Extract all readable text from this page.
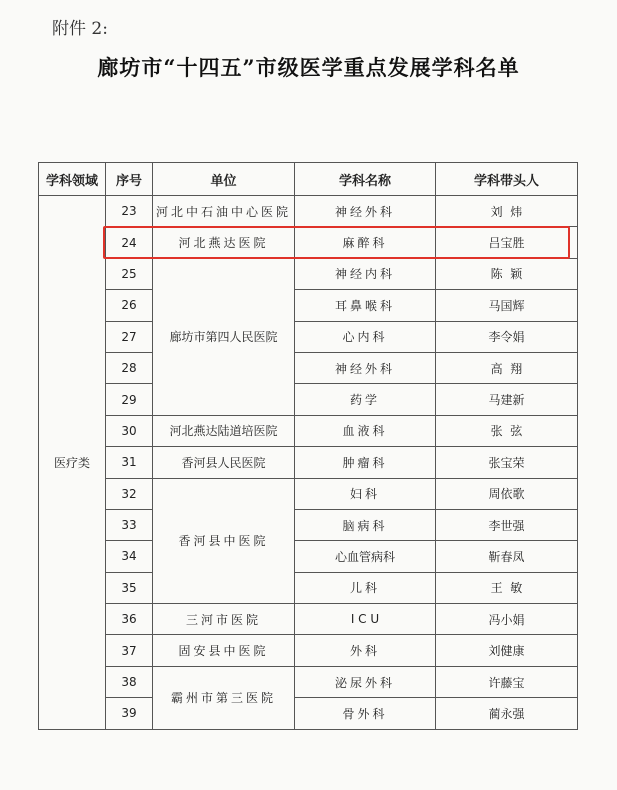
附件 2:
廊坊市“十四五”市级医学重点发展学科名单
学科领域	序号	单位	学科名称	学科带头人
医疗类	23	河北中石油中心医院	神经外科	刘  炜
	24	河北燕达医院	麻醉科	吕宝胜
	25	廊坊市第四人民医院	神经内科	陈  颖
	26		耳鼻喉科	马国辉
	27		心内科	李令娟
	28		神经外科	高  翔
	29		药学	马建新
	30	河北燕达陆道培医院	血液科	张  弦
	31	香河县人民医院	肿瘤科	张宝荣
	32	香河县中医院	妇科	周依歌
	33		脑病科	李世强
	34		心血管病科	靳春凤
	35		儿科	王  敏
	36	三河市医院	I C U	冯小娟
	37	固安县中医院	外科	刘健康
	38	霸州市第三医院	泌尿外科	许藤宝
	39		骨外科	蔺永强
